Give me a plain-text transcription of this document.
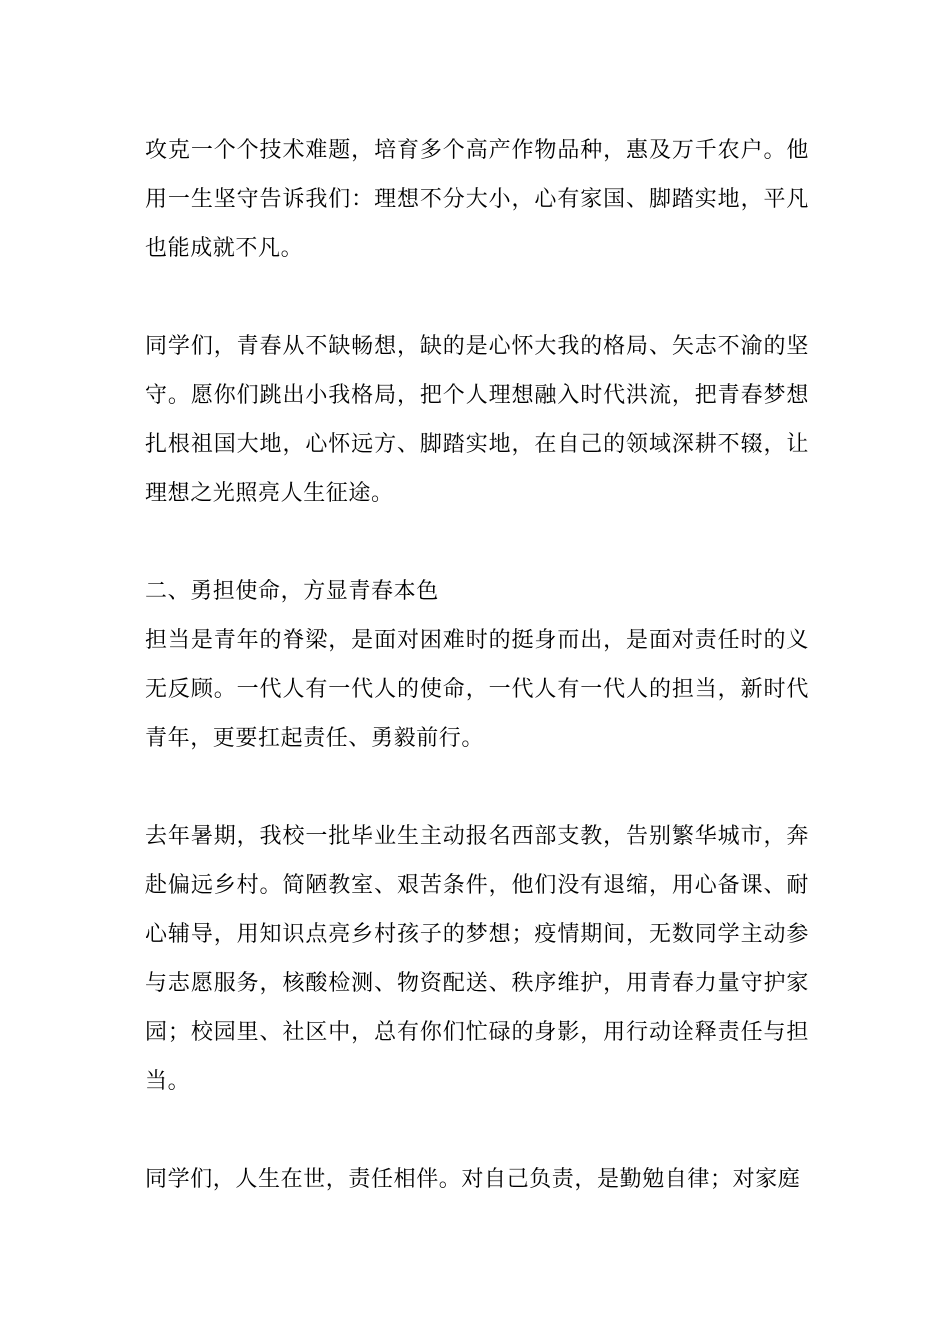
攻克一个个技术难题，培育多个高产作物品种，惠及万千农户。他用一生坚守告诉我们：理想不分大小，心有家国、脚踏实地，平凡也能成就不凡。

同学们，青春从不缺畅想，缺的是心怀大我的格局、矢志不渝的坚守。愿你们跳出小我格局，把个人理想融入时代洪流，把青春梦想扎根祖国大地，心怀远方、脚踏实地，在自己的领域深耕不辍，让理想之光照亮人生征途。

二、勇担使命，方显青春本色

担当是青年的脊梁，是面对困难时的挺身而出，是面对责任时的义无反顾。一代人有一代人的使命，一代人有一代人的担当，新时代青年，更要扛起责任、勇毅前行。

去年暑期，我校一批毕业生主动报名西部支教，告别繁华城市，奔赴偏远乡村。简陋教室、艰苦条件，他们没有退缩，用心备课、耐心辅导，用知识点亮乡村孩子的梦想；疫情期间，无数同学主动参与志愿服务，核酸检测、物资配送、秩序维护，用青春力量守护家园；校园里、社区中，总有你们忙碌的身影，用行动诠释责任与担当。

同学们，人生在世，责任相伴。对自己负责，是勤勉自律；对家庭
